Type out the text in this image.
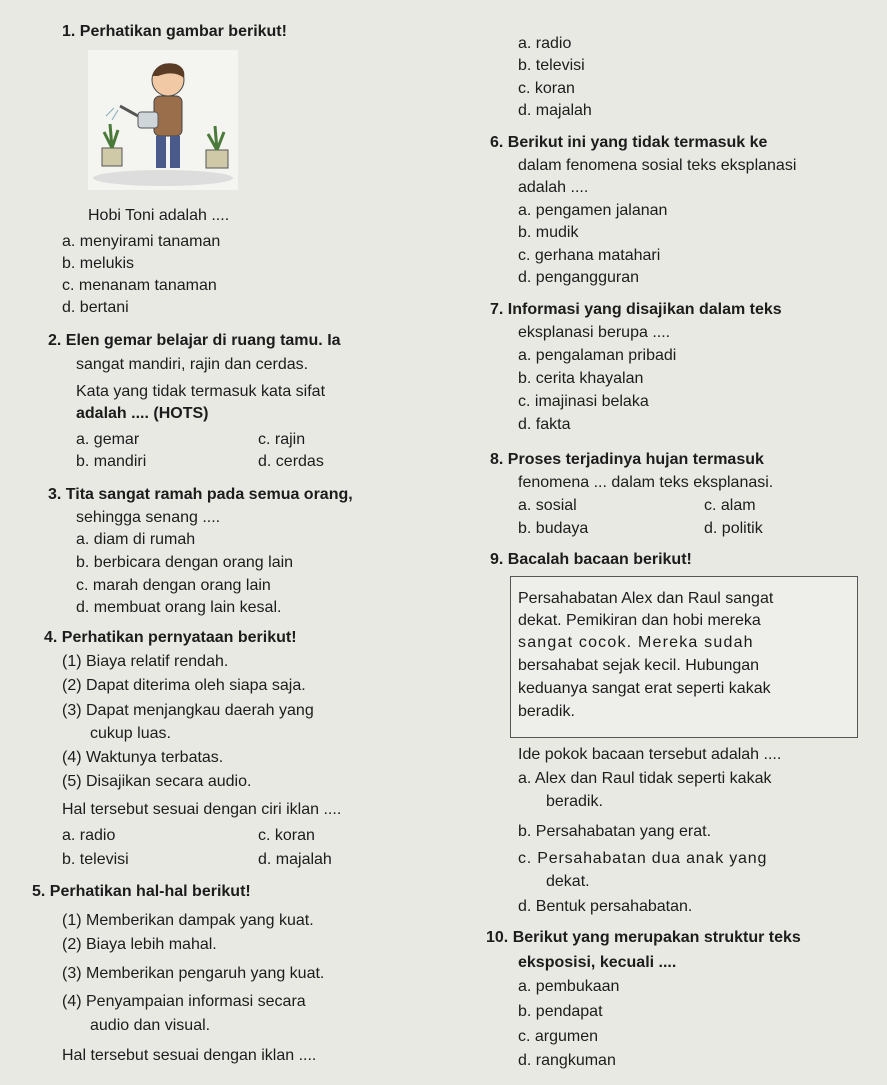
1. Perhatikan gambar berikut!
Hobi Toni adalah ....
a. menyirami tanaman
b. melukis
c. menanam tanaman
d. bertani
2. Elen gemar belajar di ruang tamu. Ia
sangat mandiri, rajin dan cerdas.
Kata yang tidak termasuk kata sifat
adalah .... (HOTS)
a. gemar	c. rajin
b. mandiri	d. cerdas
3. Tita sangat ramah pada semua orang,
sehingga senang ....
a. diam di rumah
b. berbicara dengan orang lain
c. marah dengan orang lain
d. membuat orang lain kesal.
4. Perhatikan pernyataan berikut!
(1) Biaya relatif rendah.
(2) Dapat diterima oleh siapa saja.
(3) Dapat menjangkau daerah yang
cukup luas.
(4) Waktunya terbatas.
(5) Disajikan secara audio.
Hal tersebut sesuai dengan ciri iklan ....
a. radio	c. koran
b. televisi	d. majalah
5. Perhatikan hal-hal berikut!
(1) Memberikan dampak yang kuat.
(2) Biaya lebih mahal.
(3) Memberikan pengaruh yang kuat.
(4) Penyampaian informasi secara
audio dan visual.
Hal tersebut sesuai dengan iklan ....
a. radio
b. televisi
c. koran
d. majalah
6. Berikut ini yang tidak termasuk ke
dalam fenomena sosial teks eksplanasi
adalah ....
a. pengamen jalanan
b. mudik
c. gerhana matahari
d. pengangguran
7. Informasi yang disajikan dalam teks
eksplanasi berupa ....
a. pengalaman pribadi
b. cerita khayalan
c. imajinasi belaka
d. fakta
8. Proses terjadinya hujan termasuk
fenomena ... dalam teks eksplanasi.
a. sosial	c. alam
b. budaya	d. politik
9. Bacalah bacaan berikut!
Persahabatan Alex dan Raul sangat
dekat. Pemikiran dan hobi mereka
sangat cocok. Mereka sudah
bersahabat sejak kecil. Hubungan
keduanya sangat erat seperti kakak
beradik.
Ide pokok bacaan tersebut adalah ....
a. Alex dan Raul tidak seperti kakak
beradik.
b. Persahabatan yang erat.
c. Persahabatan dua anak yang
dekat.
d. Bentuk persahabatan.
10. Berikut yang merupakan struktur teks
eksposisi, kecuali ....
a. pembukaan
b. pendapat
c. argumen
d. rangkuman
